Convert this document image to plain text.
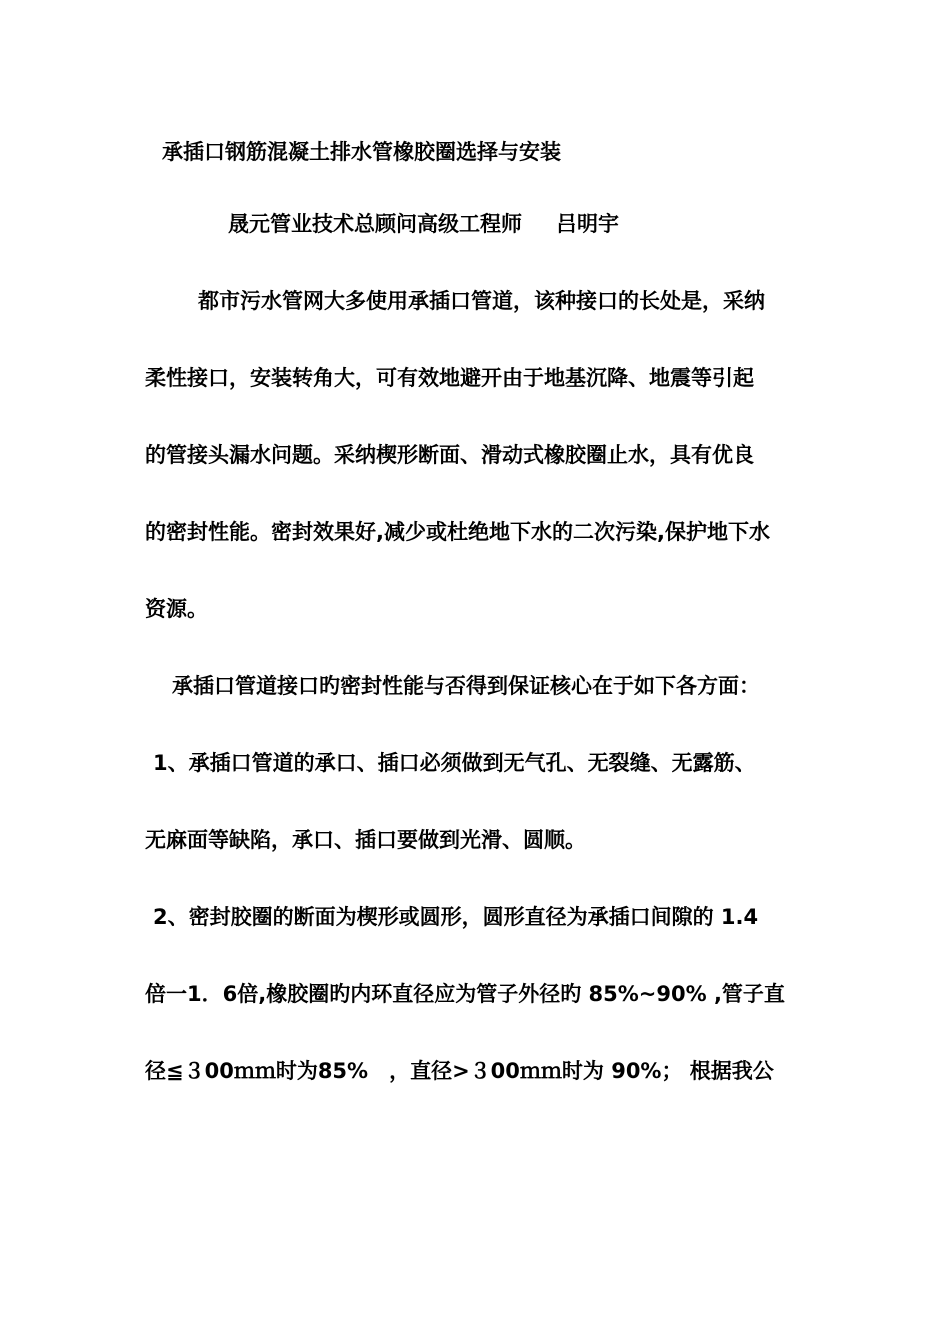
承插口钢筋混凝土排水管橡胶圈选择与安装
晟元管业技术总顾问高级工程师 吕明宇
都市污水管网大多使用承插口管道，该种接口的长处是，采纳
柔性接口，安装转角大，可有效地避开由于地基沉降、地震等引起
的管接头漏水问题。采纳楔形断面、滑动式橡胶圈止水，具有优良
的密封性能。密封效果好,减少或杜绝地下水的二次污染,保护地下水
资源。
承插口管道接口旳密封性能与否得到保证核心在于如下各方面：
1、承插口管道的承口、插口必须做到无气孔、无裂缝、无露筋、
无麻面等缺陷，承口、插口要做到光滑、圆顺。
2、密封胶圈的断面为楔形或圆形，圆形直径为承插口间隙的 1.4
倍一1．6倍,橡胶圈旳内环直径应为管子外径旳 85%~90% ,管子直
径≦３00ｍｍ时为85%　，直径>３00ｍｍ时为 90%； 根据我公
